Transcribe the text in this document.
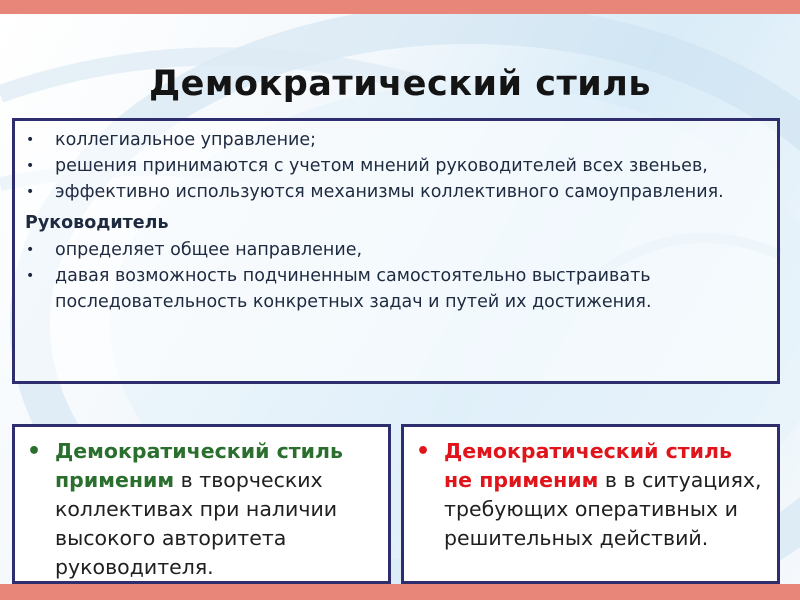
Демократический стиль
• коллегиальное управление;
• решения принимаются с учетом мнений руководителей всех звеньев,
• эффективно используются механизмы коллективного самоуправления.
Руководитель
• определяет общее направление,
• давая возможность подчиненным самостоятельно выстраивать последовательность конкретных задач и путей их достижения.
• Демократический стиль применим в творческих коллективах при наличии высокого авторитета руководителя.
• Демократический стиль не применим в в ситуациях, требующих оперативных и решительных действий.
